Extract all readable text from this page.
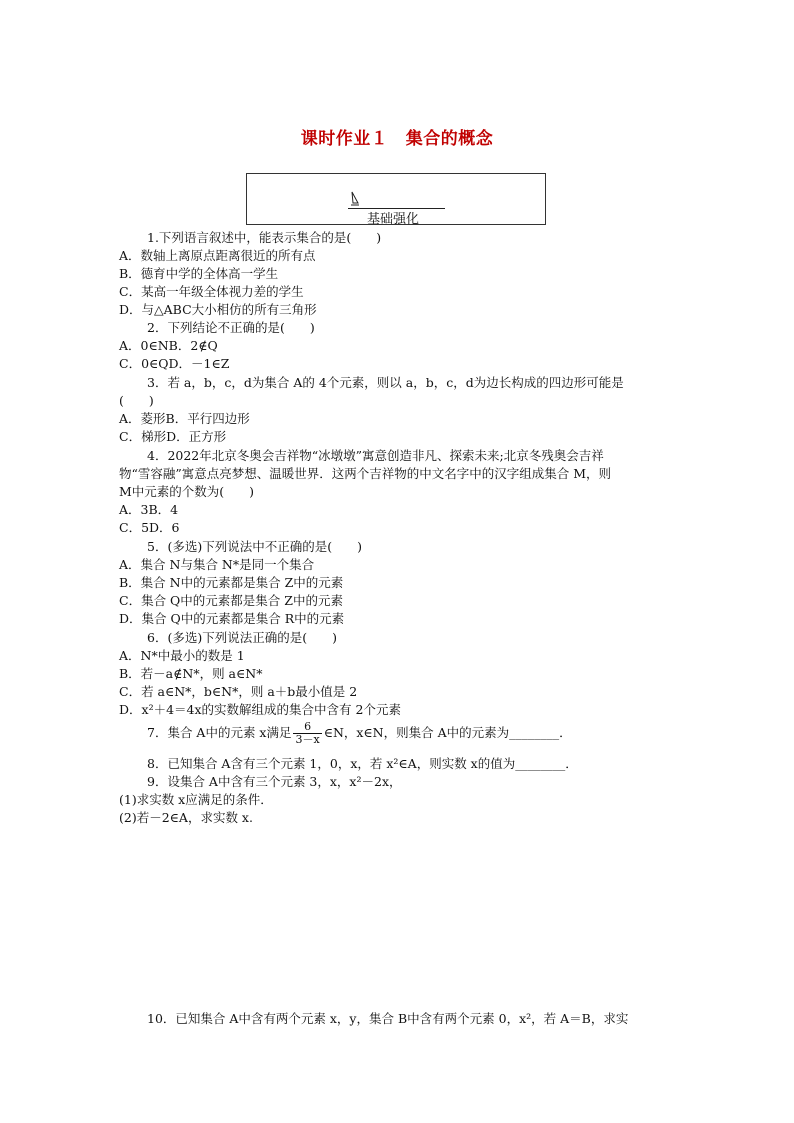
课时作业１　集合的概念
基础强化
1.下列语言叙述中，能表示集合的是(　　)
A．数轴上离原点距离很近的所有点
B．德育中学的全体高一学生
C．某高一年级全体视力差的学生
D．与△ABC大小相仿的所有三角形
2．下列结论不正确的是(　　)
A．0∈NB．2∉Q
C．0∈QD．－1∈Z
3．若 a，b，c，d为集合 A的 4个元素，则以 a，b，c，d为边长构成的四边形可能是
(　　)
A．菱形B．平行四边形
C．梯形D．正方形
4．2022年北京冬奥会吉祥物“冰墩墩”寓意创造非凡、探索未来;北京冬残奥会吉祥
物“雪容融”寓意点亮梦想、温暖世界．这两个吉祥物的中文名字中的汉字组成集合 M，则
M中元素的个数为(　　)
A．3B．4
C．5D．6
5．(多选)下列说法中不正确的是(　　)
A．集合 N与集合 N*是同一个集合
B．集合 N中的元素都是集合 Z中的元素
C．集合 Q中的元素都是集合 Z中的元素
D．集合 Q中的元素都是集合 R中的元素
6．(多选)下列说法正确的是(　　)
A．N*中最小的数是 1
B．若－a∉N*，则 a∈N*
C．若 a∈N*，b∈N*，则 a＋b最小值是 2
D．x²＋4＝4x的实数解组成的集合中含有 2个元素
7．集合 A中的元素 x满足 $\frac{6}{3-x}$ ∈N，x∈N，则集合 A中的元素为________．
8．已知集合 A含有三个元素 1，0，x，若 x²∈A，则实数 x的值为________．
9．设集合 A中含有三个元素 3，x，x²－2x，
(1)求实数 x应满足的条件．
(2)若－2∈A，求实数 x.
10．已知集合 A中含有两个元素 x，y，集合 B中含有两个元素 0，x²，若 A＝B，求实
